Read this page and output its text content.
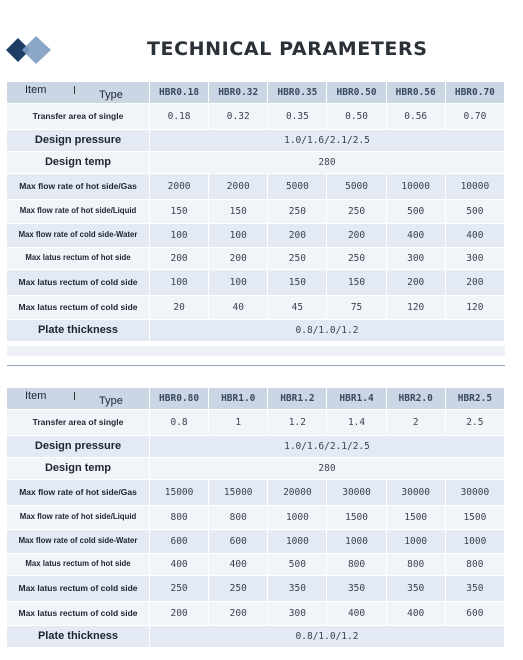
TECHNICAL PARAMETERS
Item Type	HBR0.18	HBR0.32	HBR0.35	HBR0.50	HBR0.56	HBR0.70
Transfer area of single	0.18	0.32	0.35	0.50	0.56	0.70
Design pressure	1.0/1.6/2.1/2.5					
Design temp	280					
Max flow rate of hot side/Gas	2000	2000	5000	5000	10000	10000
Max flow rate of hot side/Liquid	150	150	250	250	500	500
Max flow rate of cold side-Water	100	100	200	200	400	400
Max latus rectum of hot side	200	200	250	250	300	300
Max latus rectum of cold side	100	100	150	150	200	200
Max latus rectum of cold side	20	40	45	75	120	120
Plate thickness	0.8/1.0/1.2					
Item Type	HBR0.80	HBR1.0	HBR1.2	HBR1.4	HBR2.0	HBR2.5
Transfer area of single	0.8	1	1.2	1.4	2	2.5
Design pressure	1.0/1.6/2.1/2.5					
Design temp	280					
Max flow rate of hot side/Gas	15000	15000	20000	30000	30000	30000
Max flow rate of hot side/Liquid	800	800	1000	1500	1500	1500
Max flow rate of cold side-Water	600	600	1000	1000	1000	1000
Max latus rectum of hot side	400	400	500	800	800	800
Max latus rectum of cold side	250	250	350	350	350	350
Max latus rectum of cold side	200	200	300	400	400	600
Plate thickness	0.8/1.0/1.2					
